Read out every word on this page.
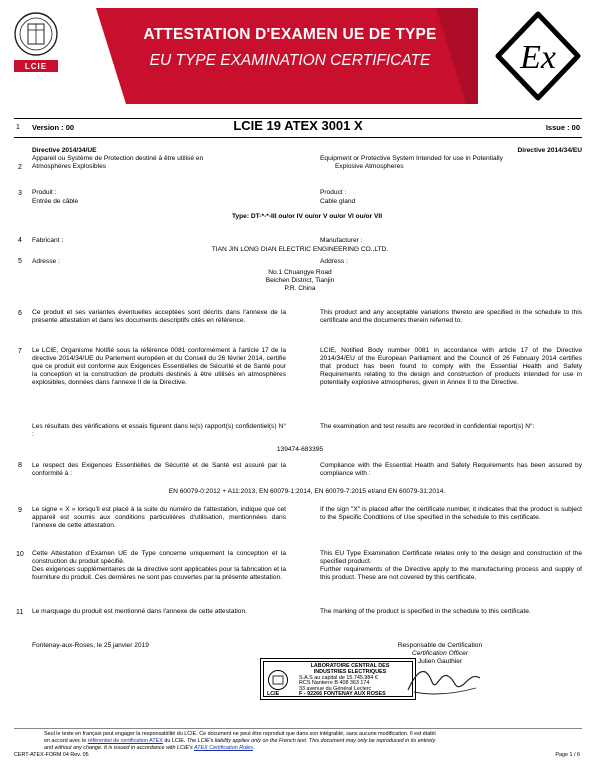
LCIE
ATTESTATION D'EXAMEN UE DE TYPE
EU TYPE EXAMINATION CERTIFICATE	Ex
1 Version : 00	LCIE 19 ATEX 3001 X	Issue : 00
2
Directive 2014/34/UE
Appareil ou Système de Protection destiné à être utilisé en
Atmosphères Explosibles
Directive 2014/34/EU
Equipment or Protective System Intended for use in Potentially
Explosive Atmospheres
3 Produit :
Entrée de câble
Product :
Cable gland
Type: DT-*-*-III ou/or IV ou/or V ou/or VI ou/or VII
4 Fabricant :	Manufacturer :
TIAN JIN LONG DIAN ELECTRIC ENGINEERING CO.,LTD.
5 Adresse :	Address :
No.1 Chuangye Road
Beichen District, Tianjin
P.R. China
6 Ce produit et ses variantes éventuelles acceptées sont décrits dans l'annexe de la présente attestation et dans les documents descriptifs cités en référence.
This product and any acceptable variations thereto are specified in the schedule to this certificate and the documents therein referred to.
7 Le LCIE, Organisme Notifié sous la référence 0081 conformément à l'article 17 de la directive 2014/34/UE du Parlement européen et du Conseil du 26 février 2014, certifie que ce produit est conforme aux Exigences Essentielles de Sécurité et de Santé pour la conception et la construction de produits destinés à être utilisés en atmosphères explosibles, données dans l'annexe II de la Directive.
LCIE, Notified Body number 0081 in accordance with article 17 of the Directive 2014/34/EU of the European Parliament and the Council of 26 February 2014 certifies that product has been found to comply with the Essential Health and Safety Requirements relating to the design and construction of products intended for use in potentially explosive atmospheres, given in Annex II to the Directive.
Les résultats des vérifications et essais figurent dans le(s) rapport(s) confidentiel(s) N° :
The examination and test results are recorded in confidential report(s) N°:
139474-683395
8 Le respect des Exigences Essentielles de Sécurité et de Santé est assuré par la conformité à :
Compliance with the Essential Health and Safety Requirements has been assured by compliance with :
EN 60079-0:2012 + A11:2013, EN 60079-1:2014, EN 60079-7:2015 et/and EN 60079-31:2014.
9 Le signe « X » lorsqu'il est placé à la suite du numéro de l'attestation, indique que cet appareil est soumis aux conditions particulières d'utilisation, mentionnées dans l'annexe de cette attestation.
If the sign "X" is placed after the certificate number, it indicates that the product is subject to the Specific Conditions of Use specified in the schedule to this certificate.
10 Cette Attestation d'Examen UE de Type concerne uniquement la conception et la construction du produit spécifié.
Des exigences supplémentaires de la directive sont applicables pour la fabrication et la fourniture du produit. Ces dernières ne sont pas couvertes par la présente attestation.
This EU Type Examination Certificate relates only to the design and construction of the specified product.
Further requirements of the Directive apply to the manufacturing process and supply of this product. These are not covered by this certificate.
11 Le marquage du produit est mentionné dans l'annexe de cette attestation.	The marking of the product is specified in the schedule to this certificate.
Fontenay-aux-Roses, le 25 janvier 2019	Responsable de Certification
Certification Officer
Julien Gauthier
LABORATOIRE CENTRAL DES
INDUSTRIES ELECTRIQUES
S.A.S au capital de 15.745.984 €
RCS Nanterre B 408 363 174
33 avenue du Général Leclerc
F - 92266 FONTENAY AUX ROSES
LCIE
Seul le texte en français peut engager la responsabilité du LCIE. Ce document ne peut être reproduit que dans son intégralité, sans aucune modification. Il est établi
en accord avec le référentiel de certification ATEX du LCIE. The LCIE's liability applies only on the French text. This document may only be reproduced in its entirety
and without any change. It is issued in accordance with LCIE's ATEX Certification Rules.
CERT-ATEX-FORM 04 Rev. 05	Page 1 / 6
